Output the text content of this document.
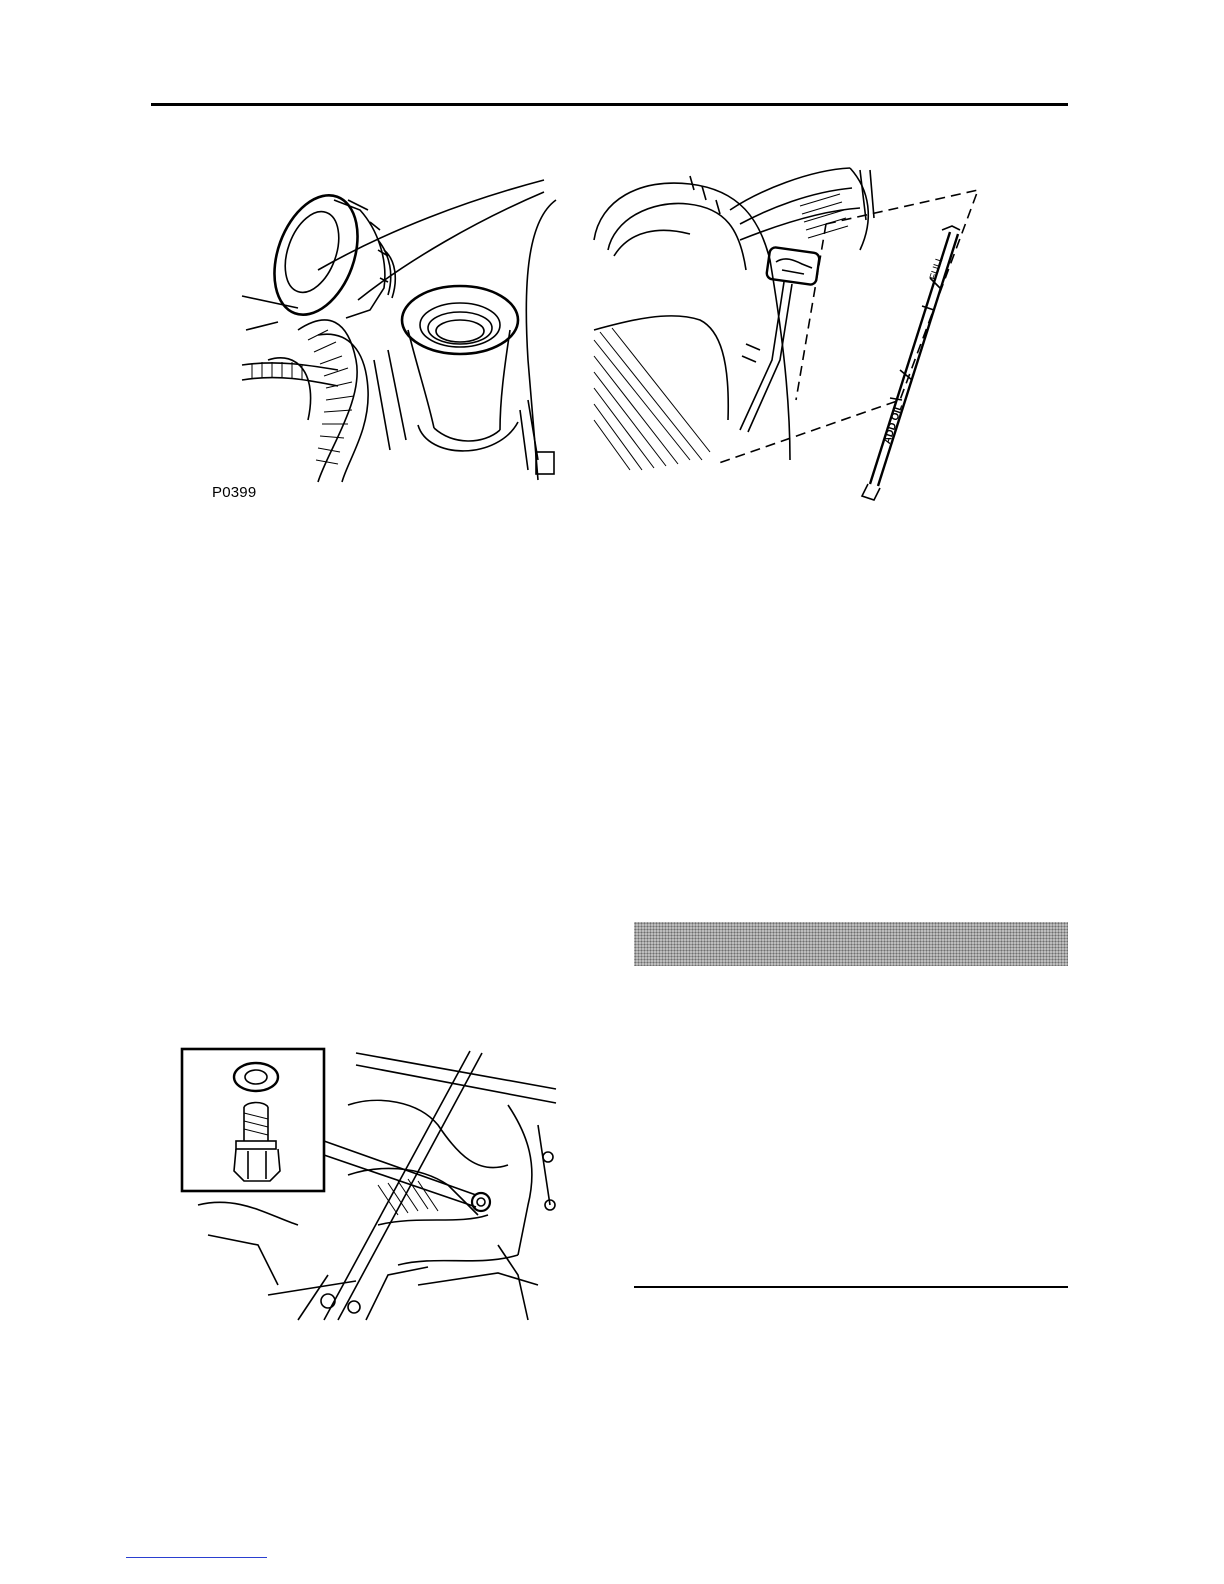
P0399
FULL
ADD OIL
